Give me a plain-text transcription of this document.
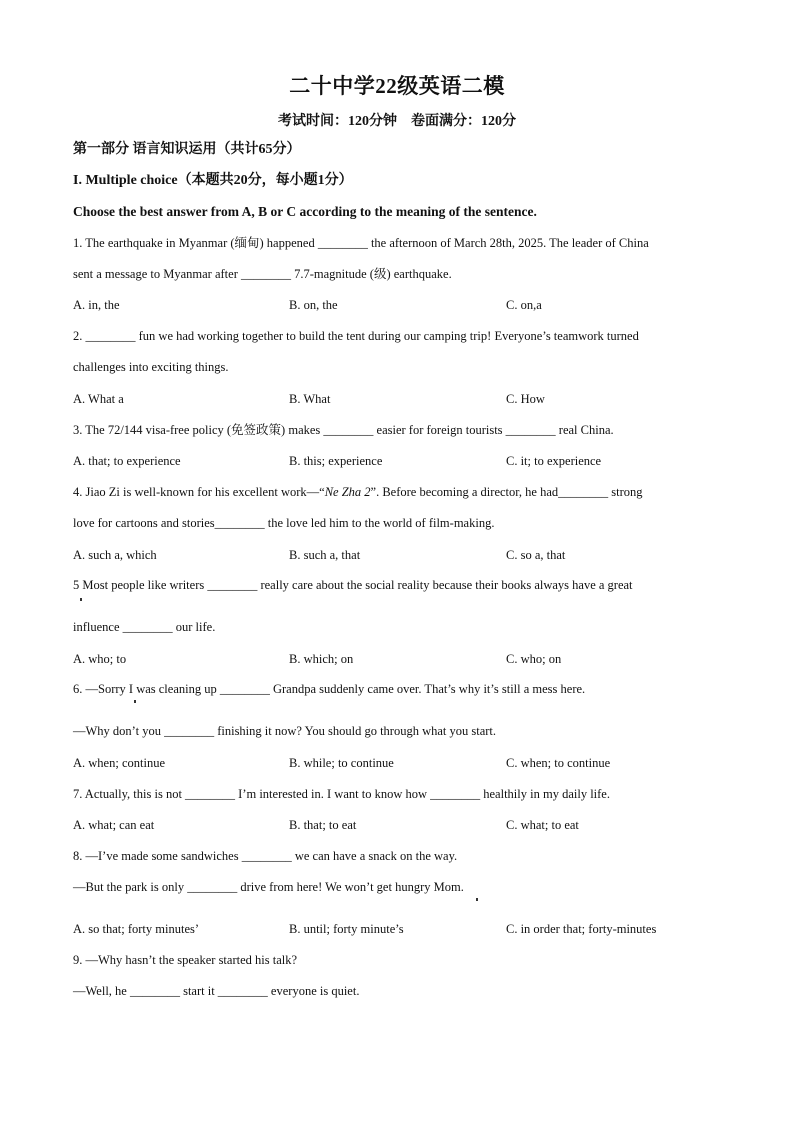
二十中学22级英语二模
考试时间：120分钟　卷面满分：120分
第一部分 语言知识运用（共计65分）
I. Multiple choice（本题共20分，每小题1分）
Choose the best answer from A, B or C according to the meaning of the sentence.
1. The earthquake in Myanmar (缅甸) happened ________ the afternoon of March 28th, 2025. The leader of China
sent a message to Myanmar after ________ 7.7-magnitude (级) earthquake.
A. in, the	B. on, the	C. on,a
2. ________ fun we had working together to build the tent during our camping trip! Everyone’s teamwork turned
challenges into exciting things.
A. What a	B. What	C. How
3. The 72/144 visa-free policy (免签政策) makes ________ easier for foreign tourists ________ real China.
A. that; to experience	B. this; experience	C. it; to experience
4. Jiao Zi is well-known for his excellent work—“Ne Zha 2”. Before becoming a director, he had________ strong
love for cartoons and stories________ the love led him to the world of film-making.
A. such a, which	B. such a, that	C. so a, that
5 Most people like writers ________ really care about the social reality because their books always have a great
influence ________ our life.
A. who; to	B. which; on	C. who; on
6. —Sorry I was cleaning up ________ Grandpa suddenly came over. That’s why it’s still a mess here.
—Why don’t you ________ finishing it now? You should go through what you start.
A. when; continue	B. while; to continue	C. when; to continue
7. Actually, this is not ________ I’m interested in. I want to know how ________ healthily in my daily life.
A. what; can eat	B. that; to eat	C. what; to eat
8. —I’ve made some sandwiches ________ we can have a snack on the way.
—But the park is only ________ drive from here! We won’t get hungry Mom.
A. so that; forty minutes’	B. until; forty minute’s	C. in order that; forty-minutes
9. —Why hasn’t the speaker started his talk?
—Well, he ________ start it ________ everyone is quiet.
